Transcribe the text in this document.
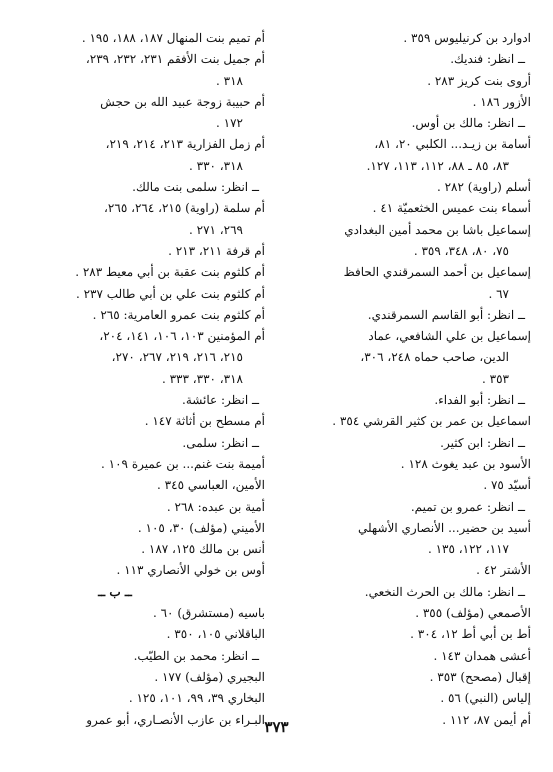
ادوارد بن كرنيليوس ٣٥٩ .
ــ انظر: فنديك.
أروى بنت كريز ٢٨٣ .
الأزور ١٨٦ .
ــ انظر: مالك بن أوس.
أسامة بن زيـد... الكلبي ٢٠، ٨١،
٨٣، ٨٥ ـ ٨٨، ١١٢، ١١٣، ١٢٧.
أسلم (راوية) ٢٨٢ .
أسماء بنت عميس الخثعميّة ٤١ .
إسماعيل باشا بن محمد أمين البغدادي
٧٥، ٨٠، ٣٤٨، ٣٥٩ .
إسماعيل بن أحمد السمرقندي الحافظ
٦٧ .
ــ انظر: أبو القاسم السمرقندي.
إسماعيل بن علي الشافعي، عماد
الدين، صاحب حماه ٢٤٨، ٣٠٦،
٣٥٣ .
ــ انظر: أبو الفداء.
اسماعيل بن عمر بن كثير القرشي ٣٥٤ .
ــ انظر: ابن كثير.
الأسود بن عبد يغوث ١٢٨ .
أسيّد ٧٥ .
ــ انظر: عمرو بن تميم.
أسيد بن حضير... الأنصاري الأشهلي
١١٧، ١٢٢، ١٣٥ .
الأشتر ٤٢ .
ــ انظر: مالك بن الحرث النخعي.
الأصمعي (مؤلف) ٣٥٥ .
أط بن أبي أط ١٢، ٣٠٤ .
أعشى همدان ١٤٣ .
إقبال (مصحح) ٣٥٣ .
إلياس (النبي) ٥٦ .
أم أيمن ٨٧، ١١٢ .
أم تميم بنت المنهال ١٨٧، ١٨٨، ١٩٥ .
أم جميل بنت الأفقم ٢٣١، ٢٣٢، ٢٣٩،
٣١٨ .
أم حبيبة زوجة عبيد الله بن حجش
١٧٢ .
أم زمل الفزارية ٢١٣، ٢١٤، ٢١٩،
٣١٨، ٣٣٠ .
ــ انظر: سلمى بنت مالك.
أم سلمة (راوية) ٢١٥، ٢٦٤، ٢٦٥،
٢٦٩، ٢٧١ .
أم قرفة ٢١١، ٢١٣ .
أم كلثوم بنت عقبة بن أبي معيط ٢٨٣ .
أم كلثوم بنت علي بن أبي طالب ٢٣٧ .
أم كلثوم بنت عمرو العامرية: ٢٦٥ .
أم المؤمنين ١٠٣، ١٠٦، ١٤١، ٢٠٤،
٢١٥، ٢١٦، ٢١٩، ٢٦٧، ٢٧٠،
٣١٨، ٣٣٠، ٣٣٣ .
ــ انظر: عائشة.
أم مسطح بن أثاثة ١٤٧ .
ــ انظر: سلمى.
أميمة بنت غنم... بن عميرة ١٠٩ .
الأمين، العباسي ٣٤٥ .
أمية بن عبده: ٢٦٨ .
الأميني (مؤلف) ٣٠، ١٠٥ .
أنس بن مالك ١٢٥، ١٨٧ .
أوس بن خولي الأنصاري ١١٣ .
ــ ب ــ
باسيه (مستشرق) ٦٠ .
الباقلاني ١٠٥، ٣٥٠ .
ــ انظر: محمد بن الطيّب.
البجيري (مؤلف) ١٧٧ .
البخاري ٣٩، ٩٩، ١٠١، ١٢٥ .
البـراء بن عازب الأنصـاري، أبو عمرو ٣٧٣
